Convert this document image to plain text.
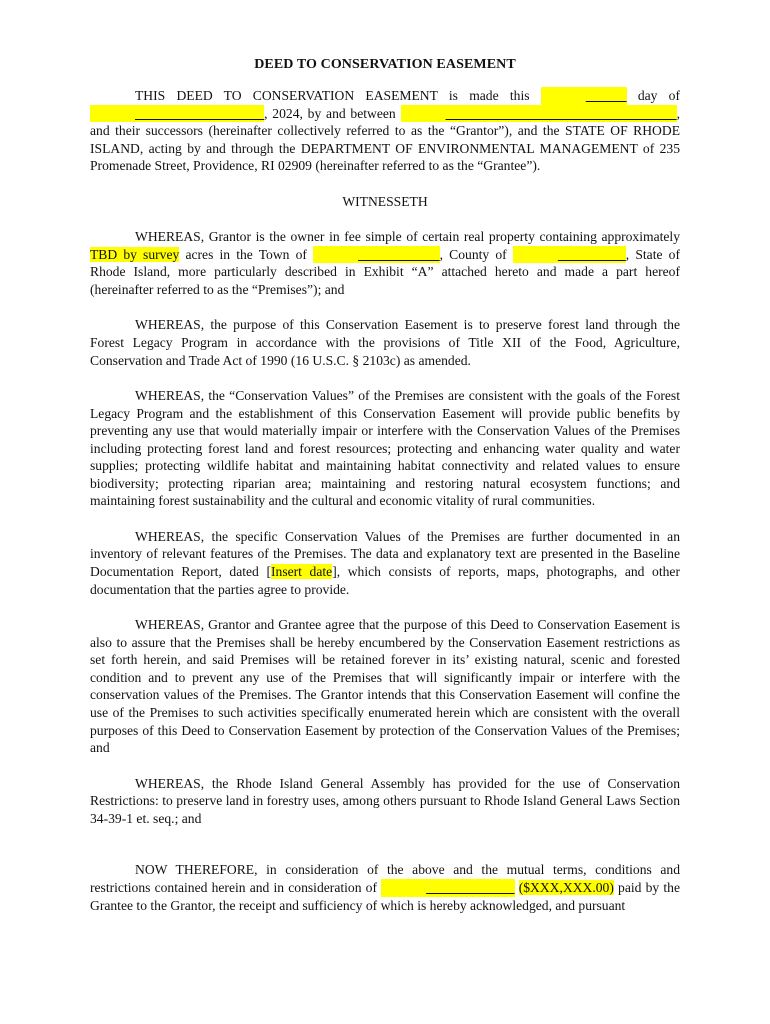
DEED TO CONSERVATION EASEMENT

THIS DEED TO CONSERVATION EASEMENT is made this	day of                                       , 2024, by and between	, and their successors (hereinafter collectively referred to as the “Grantor”), and the STATE OF RHODE ISLAND, acting by and through the DEPARTMENT OF ENVIRONMENTAL MANAGEMENT of 235 Promenade Street, Providence, RI 02909 (hereinafter referred to as the “Grantee”).

WITNESSETH

WHEREAS, Grantor is the owner in fee simple of certain real property containing approximately TBD by survey acres in the Town of	, County of	, State of Rhode Island, more particularly described in Exhibit “A” attached hereto and made a part hereof (hereinafter referred to as the “Premises”); and

WHEREAS, the purpose of this Conservation Easement is to preserve forest land through the Forest Legacy Program in accordance with the provisions of Title XII of the Food, Agriculture, Conservation and Trade Act of 1990 (16 U.S.C. § 2103c) as amended.

WHEREAS, the “Conservation Values” of the Premises are consistent with the goals of the Forest Legacy Program and the establishment of this Conservation Easement will provide public benefits by preventing any use that would materially impair or interfere with the Conservation Values of the Premises including protecting forest land and forest resources; protecting and enhancing water quality and water supplies; protecting wildlife habitat and maintaining habitat connectivity and related values to ensure biodiversity; protecting riparian area; maintaining and restoring natural ecosystem functions; and maintaining forest sustainability and the cultural and economic vitality of rural communities.

WHEREAS, the specific Conservation Values of the Premises are further documented in an inventory of relevant features of the Premises. The data and explanatory text are presented in the Baseline Documentation Report, dated [Insert date], which consists of reports, maps, photographs, and other documentation that the parties agree to provide.

WHEREAS, Grantor and Grantee agree that the purpose of this Deed to Conservation Easement is also to assure that the Premises shall be hereby encumbered by the Conservation Easement restrictions as set forth herein, and said Premises will be retained forever in its’ existing natural, scenic and forested condition and to prevent any use of the Premises that will significantly impair or interfere with the conservation values of the Premises. The Grantor intends that this Conservation Easement will confine the use of the Premises to such activities specifically enumerated herein which are consistent with the overall purposes of this Deed to Conservation Easement by protection of the Conservation Values of the Premises; and

WHEREAS, the Rhode Island General Assembly has provided for the use of Conservation Restrictions: to preserve land in forestry uses, among others pursuant to Rhode Island General Laws Section 34-39-1 et. seq.; and

NOW THEREFORE, in consideration of the above and the mutual terms, conditions and restrictions contained herein and in consideration of	($XXX,XXX.00) paid by the Grantee to the Grantor, the receipt and sufficiency of which is hereby acknowledged, and pursuant
